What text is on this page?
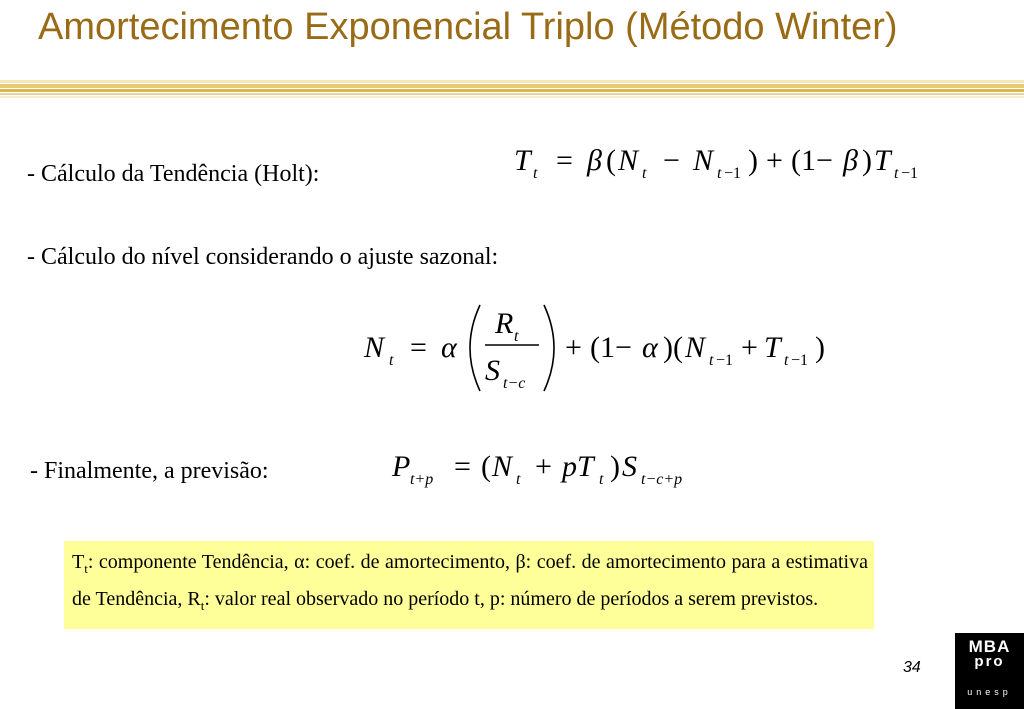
Amortecimento Exponencial Triplo (Método Winter)
- Cálculo da Tendência (Holt):	T t = β ( N t − N t −1 ) + (1− β ) T t −1
- Cálculo do nível considerando o ajuste sazonal:
N t = α
R t
S t−c
+ (1− α )( N t −1 + T t −1 )
- Finalmente, a previsão:	P t+p = ( N t + pT t ) S t−c+p
$T_t$: componente Tendência, α: coef. de amortecimento, β: coef. de amortecimento para a estimativa de Tendência, $R_t$: valor real observado no período t, p: número de períodos a serem previstos.
34
MBA
pro
unesp
